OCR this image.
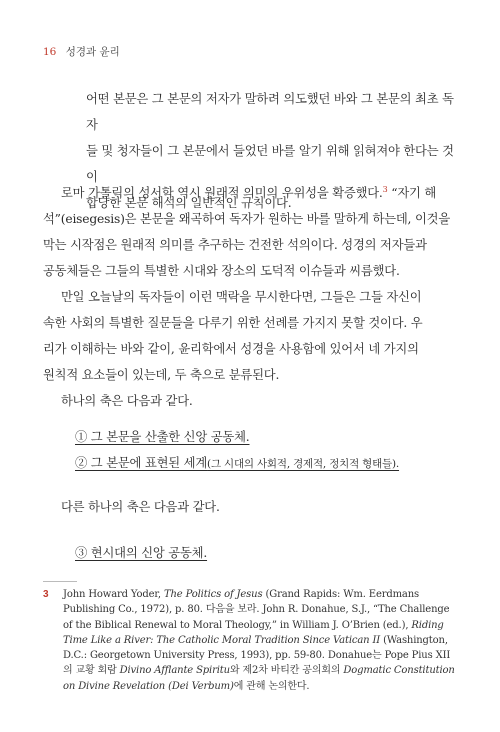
16 성경과 윤리

어떤 본문은 그 본문의 저자가 말하려 의도했던 바와 그 본문의 최초 독자

들 및 청자들이 그 본문에서 들었던 바를 알기 위해 읽혀져야 한다는 것이

합당한 본문 해석의 일반적인 규칙이다.

로마 가톨릭의 성서학 역시 원래적 의미의 우위성을 확증했다.$^3$ “자기 해

석”(eisegesis)은 본문을 왜곡하여 독자가 원하는 바를 말하게 하는데, 이것을

막는 시작점은 원래적 의미를 추구하는 건전한 석의이다. 성경의 저자들과

공동체들은 그들의 특별한 시대와 장소의 도덕적 이슈들과 씨름했다.

만일 오늘날의 독자들이 이런 맥락을 무시한다면, 그들은 그들 자신이

속한 사회의 특별한 질문들을 다루기 위한 선례를 가지지 못할 것이다. 우

리가 이해하는 바와 같이, 윤리학에서 성경을 사용함에 있어서 네 가지의

원칙적 요소들이 있는데, 두 축으로 분류된다.

하나의 축은 다음과 같다.

① 그 본문을 산출한 신앙 공동체.
② 그 본문에 표현된 세계(그 시대의 사회적, 경제적, 정치적 형태들).

다른 하나의 축은 다음과 같다.

③ 현시대의 신앙 공동체.
3 John Howard Yoder, The Politics of Jesus (Grand Rapids: Wm. Eerdmans Publishing Co., 1972), p. 80. 다음을 보라. John R. Donahue, S.J., “The Challenge of the Biblical Renewal to Moral Theology,” in William J. O’Brien (ed.), Riding Time Like a River: The Catholic Moral Tradition Since Vatican II (Washington, D.C.: Georgetown University Press, 1993), pp. 59-80. Donahue는 Pope Pius XII의 교황 회람 Divino Afflante Spiritu와 제2차 바티칸 공의회의 Dogmatic Constitution on Divine Revelation (Dei Verbum)에 관해 논의한다.
